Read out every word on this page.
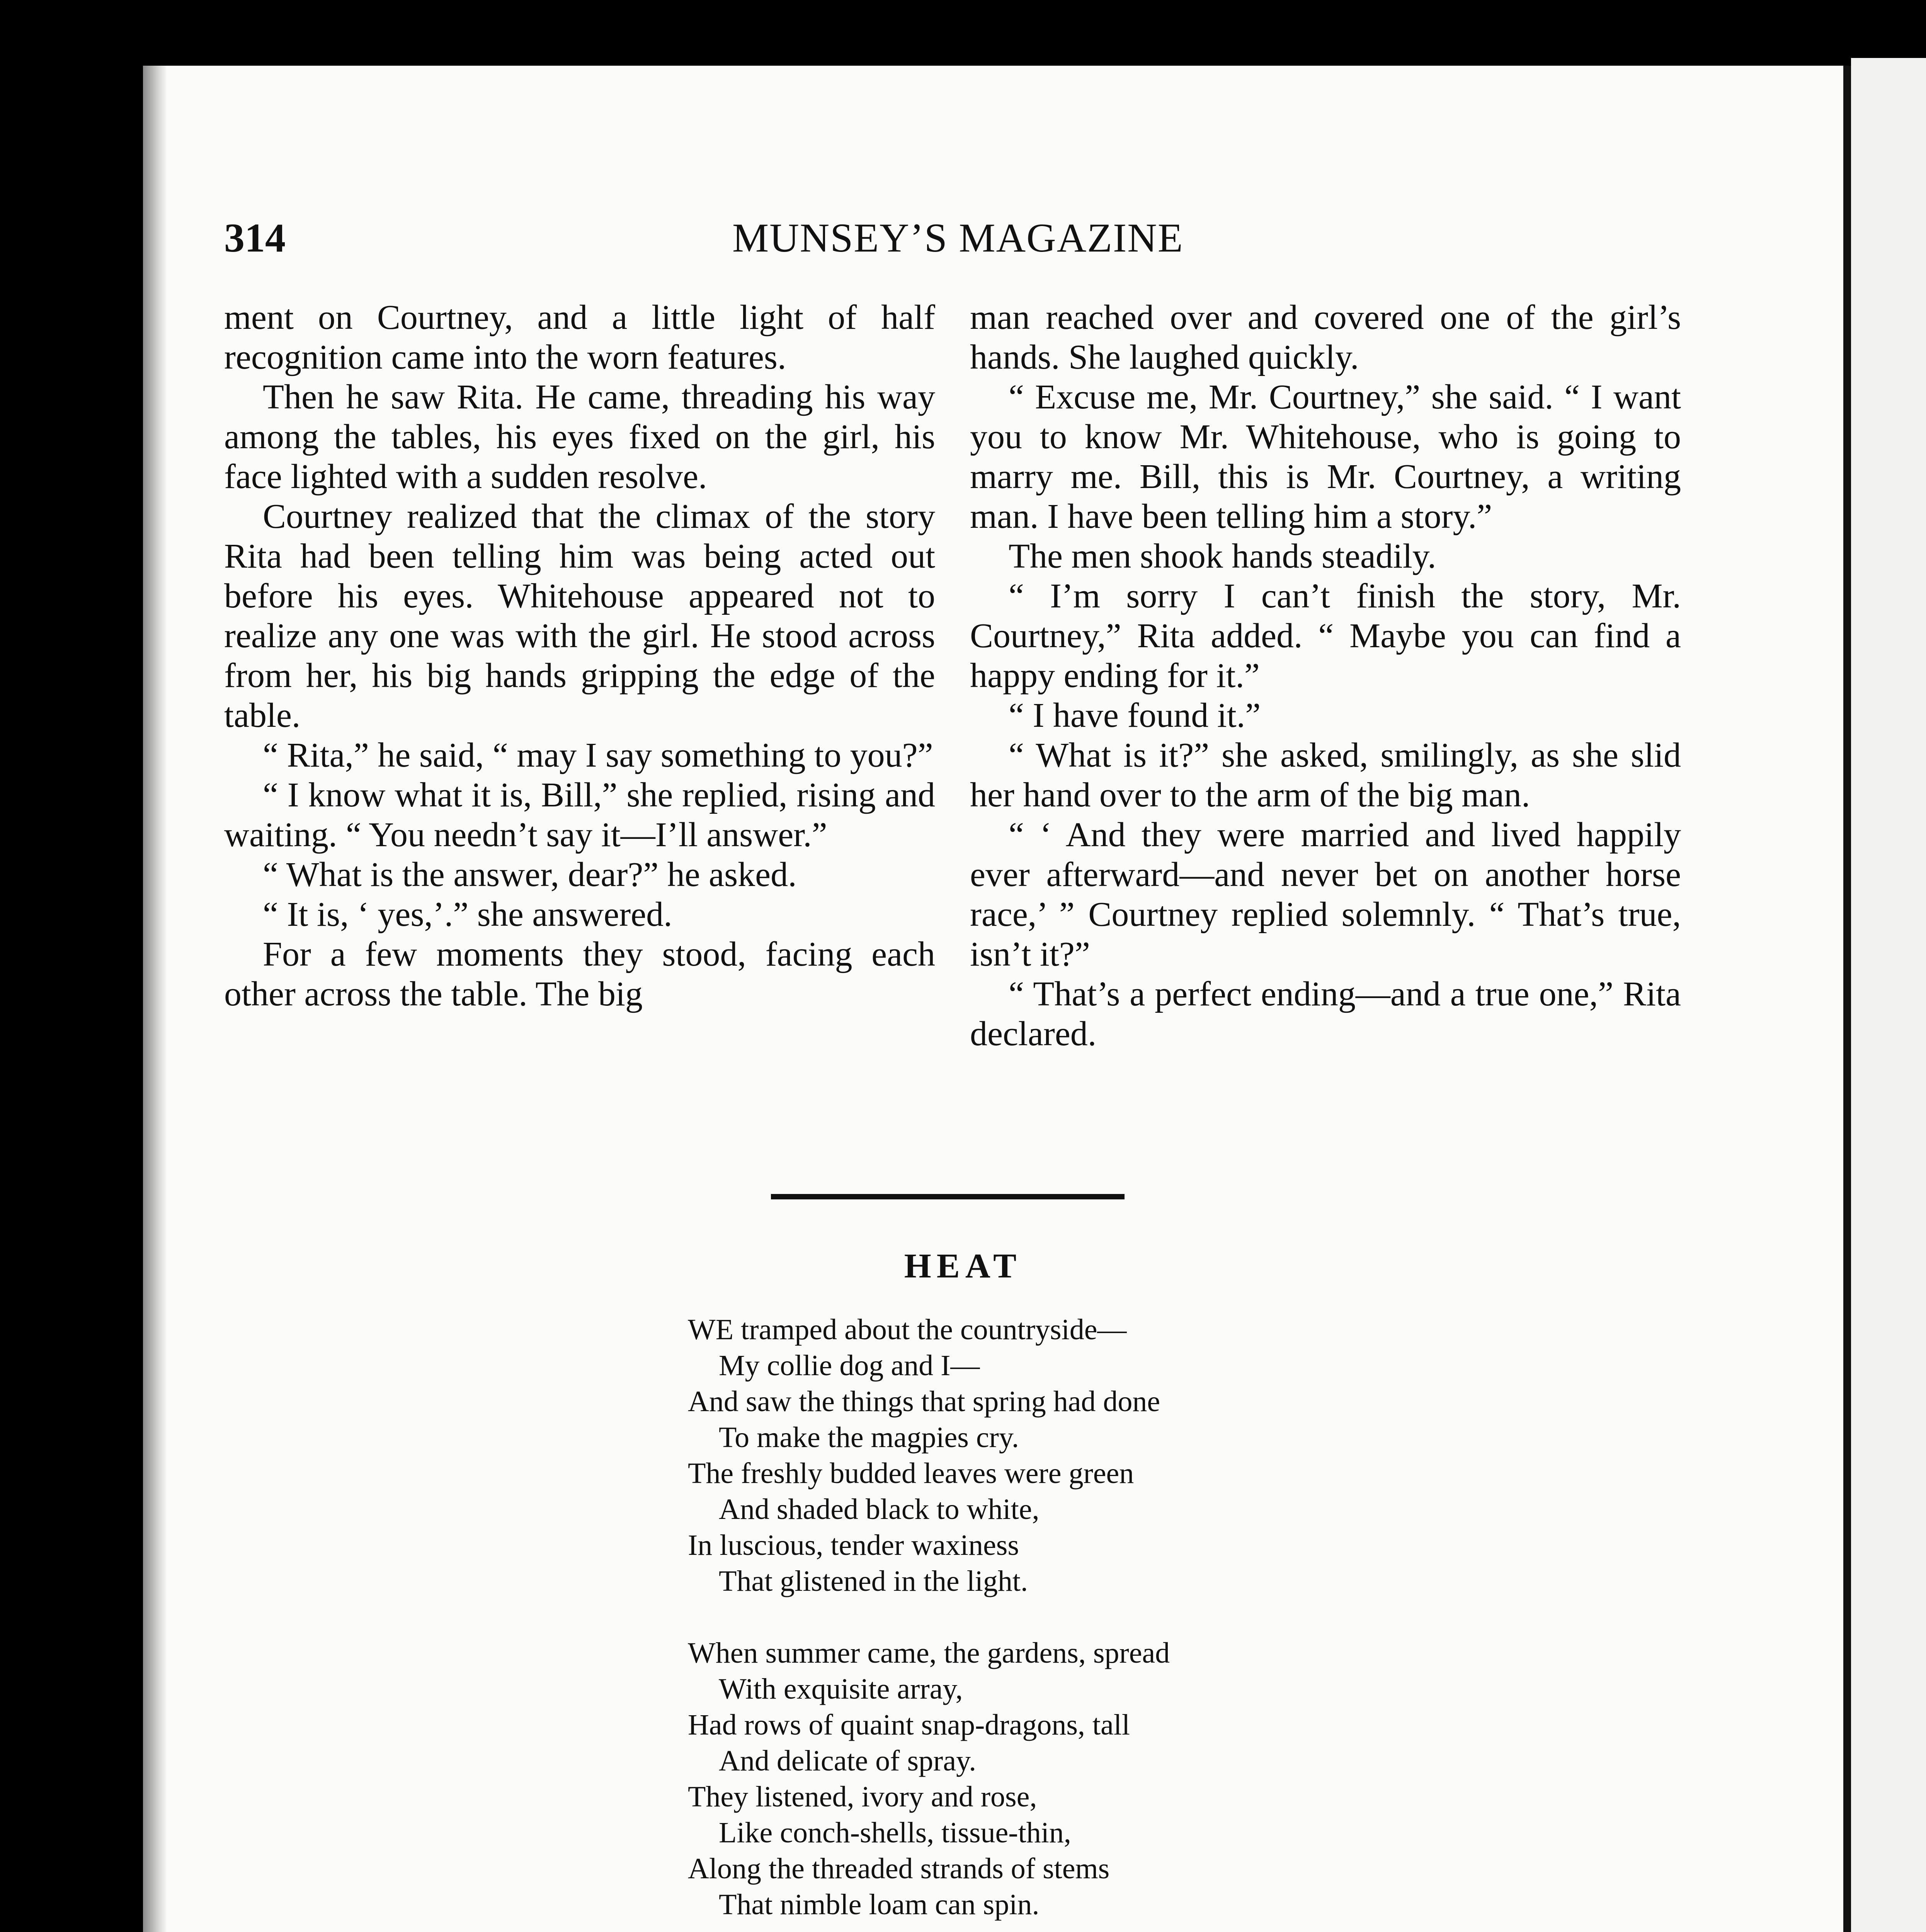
314	MUNSEY’S MAGAZINE

ment on Courtney, and a little light of half recognition came into the worn features.

Then he saw Rita. He came, threading his way among the tables, his eyes fixed on the girl, his face lighted with a sudden resolve.

Courtney realized that the climax of the story Rita had been telling him was being acted out before his eyes. Whitehouse appeared not to realize any one was with the girl. He stood across from her, his big hands gripping the edge of the table.

“ Rita,” he said, “ may I say something to you?”

“ I know what it is, Bill,” she replied, rising and waiting. “ You needn’t say it—I’ll answer.”

“ What is the answer, dear?” he asked.

“ It is, ‘ yes,’.” she answered.

For a few moments they stood, facing each other across the table. The big

man reached over and covered one of the girl’s hands. She laughed quickly.

“ Excuse me, Mr. Courtney,” she said. “ I want you to know Mr. Whitehouse, who is going to marry me. Bill, this is Mr. Courtney, a writing man. I have been telling him a story.”

The men shook hands steadily.

“ I’m sorry I can’t finish the story, Mr. Courtney,” Rita added. “ Maybe you can find a happy ending for it.”

“ I have found it.”

“ What is it?” she asked, smilingly, as she slid her hand over to the arm of the big man.

“ ‘ And they were married and lived happily ever afterward—and never bet on another horse race,’ ” Courtney replied solemnly. “ That’s true, isn’t it?”

“ That’s a perfect ending—and a true one,” Rita declared.

HEAT
WE tramped about the countryside—
My collie dog and I—
And saw the things that spring had done
To make the magpies cry.
The freshly budded leaves were green
And shaded black to white,
In luscious, tender waxiness
That glistened in the light.
When summer came, the gardens, spread
With exquisite array,
Had rows of quaint snap-dragons, tall
And delicate of spray.
They listened, ivory and rose,
Like conch-shells, tissue-thin,
Along the threaded strands of stems
That nimble loam can spin.
